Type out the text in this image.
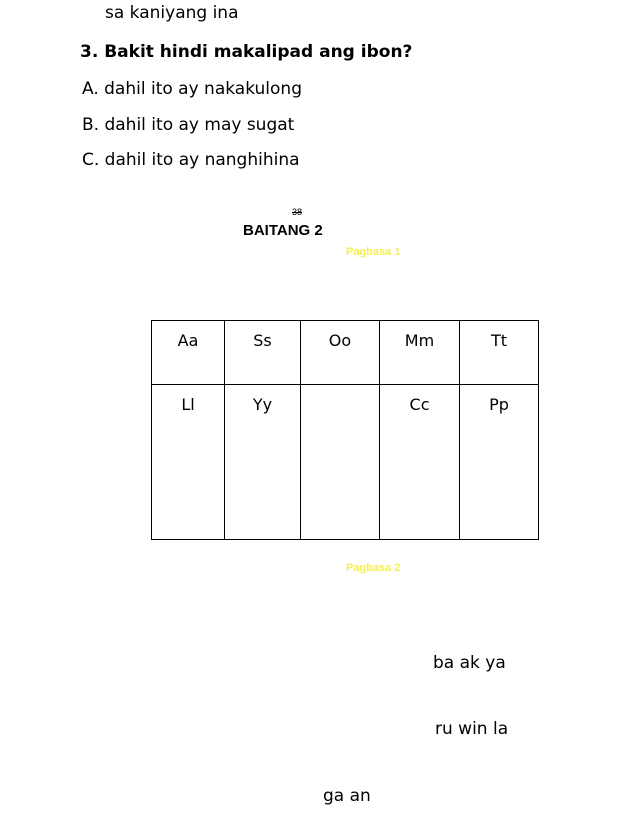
sa kaniyang ina
3. Bakit hindi makalipad ang ibon?
A. dahil ito ay nakakulong
B. dahil ito ay may sugat
C. dahil ito ay nanghihina
38
BAITANG 2
Pagbasa 1
Aa	Ss	Oo	Mm	Tt
Ll	Yy		Cc	Pp
Pagbasa 2
ba ak ya
ru win la
ga an
